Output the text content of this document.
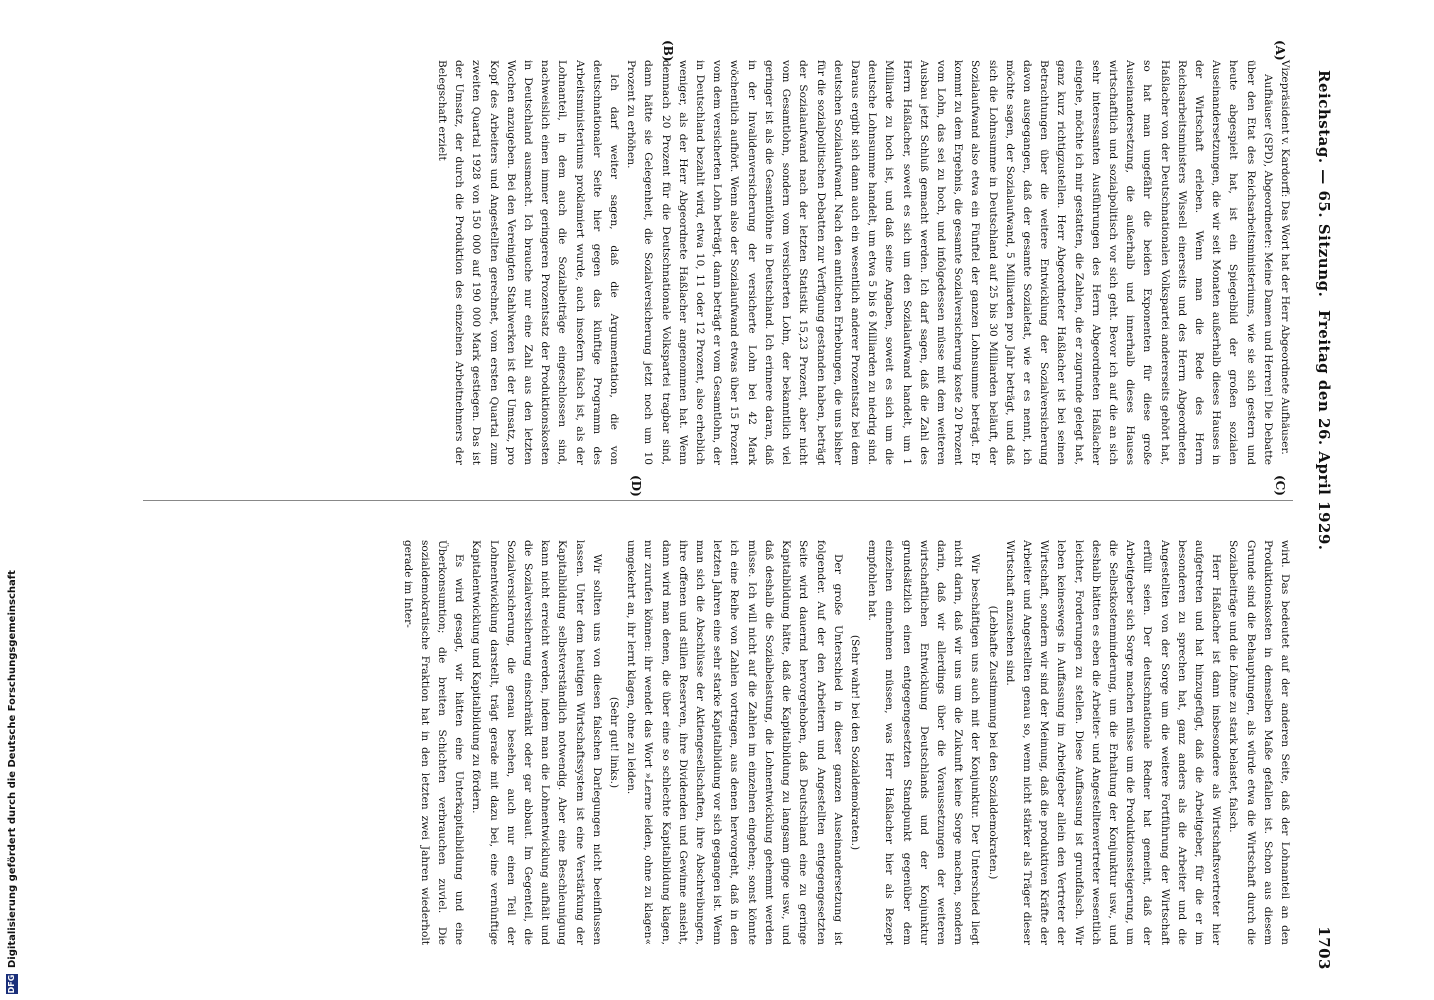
Reichstag. — 65. Sitzung.
Freitag den 26. April 1929.
1703
(A)
(B)
(C)
(D)

Vizepräsident v. Kardorff: Das Wort hat der Herr Abgeordnete Aufhäuser.

Aufhäuser (SPD), Abgeordneter: Meine Damen und Herren! Die Debatte über den Etat des Reichsarbeitsministeriums, wie sie sich gestern und heute abgespielt hat, ist ein Spiegelbild der großen sozialen Auseinandersetzungen, die wir seit Monaten außerhalb dieses Hauses in der Wirtschaft erleben. Wenn man die Rede des Herrn Reichsarbeitsministers Wissell einerseits und des Herrn Abgeordneten Haßlacher von der Deutschnationalen Volkspartei andererseits gehört hat, so hat man ungefähr die beiden Exponenten für diese große Auseinandersetzung, die außerhalb und innerhalb dieses Hauses wirtschaftlich und sozialpolitisch vor sich geht. Bevor ich auf die an sich sehr interessanten Ausführungen des Herrn Abgeordneten Haßlacher eingehe, möchte ich mir gestatten, die Zahlen, die er zugrunde gelegt hat, ganz kurz richtigzustellen. Herr Abgeordneter Haßlacher ist bei seinen Betrachtungen über die weitere Entwicklung der Sozialversicherung davon ausgegangen, daß der gesamte Sozialetat, wie er es nennt, ich möchte sagen, der Sozialaufwand, 5 Milliarden pro Jahr beträgt, und daß sich die Lohnsumme in Deutschland auf 25 bis 30 Milliarden beläuft, der Sozialaufwand also etwa ein Fünftel der ganzen Lohnsumme beträgt. Er kommt zu dem Ergebnis, die gesamte Sozialversicherung koste 20 Prozent vom Lohn, das sei zu hoch, und infolgedessen müsse mit dem weiteren Ausbau jetzt Schluß gemacht werden. Ich darf sagen, daß die Zahl des Herrn Haßlacher, soweit es sich um den Sozialaufwand handelt, um 1 Milliarde zu hoch ist, und daß seine Angaben, soweit es sich um die deutsche Lohnsumme handelt, um etwa 5 bis 6 Milliarden zu niedrig sind. Daraus ergibt sich dann auch ein wesentlich anderer Prozentsatz bei dem deutschen Sozialaufwand. Nach den amtlichen Erhebungen, die uns bisher für die sozialpolitischen Debatten zur Verfügung gestanden haben, beträgt der Sozialaufwand nach der letzten Statistik 15,23 Prozent, aber nicht vom Gesamtlohn, sondern vom versicherten Lohn, der bekanntlich viel geringer ist als die Gesamtlöhne in Deutschland. Ich erinnere daran, daß in der Invalidenversicherung der versicherte Lohn bei 42 Mark wöchentlich aufhört. Wenn also der Sozialaufwand etwas über 15 Prozent vom dem versicherten Lohn beträgt, dann beträgt er vom Gesamtlohn, der in Deutschland bezahlt wird, etwa 10, 11 oder 12 Prozent, also erheblich weniger, als der Herr Abgeordnete Haßlacher angenommen hat. Wenn demnach 20 Prozent für die Deutschnationale Volkspartei tragbar sind, dann hätte sie Gelegenheit, die Sozialversicherung jetzt noch um 10 Prozent zu erhöhen.

Ich darf weiter sagen, daß die Argumentation, die von deutschnationaler Seite hier gegen das künftige Programm des Arbeitsministeriums proklamiert wurde, auch insofern falsch ist, als der Lohnanteil, in dem auch die Sozialbeiträge eingeschlossen sind, nachweislich einen immer geringeren Prozentsatz der Produktionskosten in Deutschland ausmacht. Ich brauche nur eine Zahl aus den letzten Wochen anzugeben. Bei den Vereinigten Stahlwerken ist der Umsatz, pro Kopf des Arbeiters und Angestellten gerechnet, vom ersten Quartal zum zweiten Quartal 1928 von 150 000 auf 190 000 Mark gestiegen. Das ist der Umsatz, der durch die Produktion des einzelnen Arbeitnehmers der Belegschaft erzielt

wird. Das bedeutet auf der anderen Seite, daß der Lohnanteil an den Produktionskosten in demselben Maße gefallen ist. Schon aus diesem Grunde sind die Behauptungen, als würde etwa die Wirtschaft durch die Sozialbeiträge und die Löhne zu stark belastet, falsch.

Herr Haßlacher ist dann insbesondere als Wirtschaftsvertreter hier aufgetreten und hat hinzugefügt, daß die Arbeitgeber, für die er im besonderen zu sprechen hat, ganz anders als die Arbeiter und die Angestellten von der Sorge um die weitere Fortführung der Wirtschaft erfüllt seien. Der deutschnationale Redner hat gemeint, daß der Arbeitgeber sich Sorge machen müsse um die Produktionssteigerung, um die Selbstkostenminderung, um die Erhaltung der Konjunktur usw., und deshalb hätten es eben die Arbeiter- und Angestelltenvertreter wesentlich leichter, Forderungen zu stellen. Diese Auffassung ist grundfalsch. Wir leben keineswegs in Auffassung im Arbeitgeber allein den Vertreter der Wirtschaft, sondern wir sind der Meinung, daß die produktiven Kräfte der Arbeiter und Angestellten genau so, wenn nicht stärker als Träger dieser Wirtschaft anzusehen sind.

(Lebhafte Zustimmung bei den Sozialdemokraten.)

Wir beschäftigen uns auch mit der Konjunktur. Der Unterschied liegt nicht darin, daß wir uns um die Zukunft keine Sorge machen, sondern darin, daß wir allerdings über die Voraussetzungen der weiteren wirtschaftlichen Entwicklung Deutschlands und der Konjunktur grundsätzlich einen entgegengesetzten Standpunkt gegenüber dem einzelnen einnehmen müssen, was Herr Haßlacher hier als Rezept empfohlen hat.

(Sehr wahr! bei den Sozialdemokraten.)

Der große Unterschied in dieser ganzen Auseinandersetzung ist folgender. Auf der den Arbeitern und Angestellten entgegengesetzten Seite wird dauernd hervorgehoben, daß Deutschland eine zu geringe Kapitalbildung hätte, daß die Kapitalbildung zu langsam ginge usw., und daß deshalb die Sozialbelastung, die Lohnentwicklung gehemmt werden müsse. Ich will nicht auf die Zahlen im einzelnen eingehen; sonst könnte ich eine Reihe von Zahlen vortragen, aus denen hervorgeht, daß in den letzten Jahren eine sehr starke Kapitalbildung vor sich gegangen ist. Wenn man sich die Abschlüsse der Aktiengesellschaften, ihre Abschreibungen, ihre offenen und stillen Reserven, ihre Dividenden und Gewinne ansieht, dann wird man denen, die über eine so schlechte Kapitalbildung klagen, nur zurufen können: ihr wendet das Wort »Lerne leiden, ohne zu klagen« umgekehrt an, ihr lernt klagen, ohne zu leiden.

(Sehr gut! links.)

Wir sollten uns von diesen falschen Darlegungen nicht beeinflussen lassen. Unter dem heutigen Wirtschaftssystem ist eine Verstärkung der Kapitalbildung selbstverständlich notwendig. Aber eine Beschleunigung kann nicht erreicht werden, indem man die Lohnentwicklung aufhält und die Sozialversicherung einschränkt oder gar abbaut. Im Gegenteil, die Sozialversicherung, die genau besehen, auch nur einen Teil der Lohnentwicklung darstellt, trägt gerade mit dazu bei, eine vernünftige Kapitalentwicklung und Kapitalbildung zu fördern.

Es wird gesagt, wir hätten eine Unterkapitalbildung und eine Überkonsumtion; die breiten Schichten verbrauchen zuviel. Die sozialdemokratische Fraktion hat in den letzten zwei Jahren wiederholt gerade im Inter-

DFG
Digitalisierung gefördert durch die Deutsche Forschungsgemeinschaft
